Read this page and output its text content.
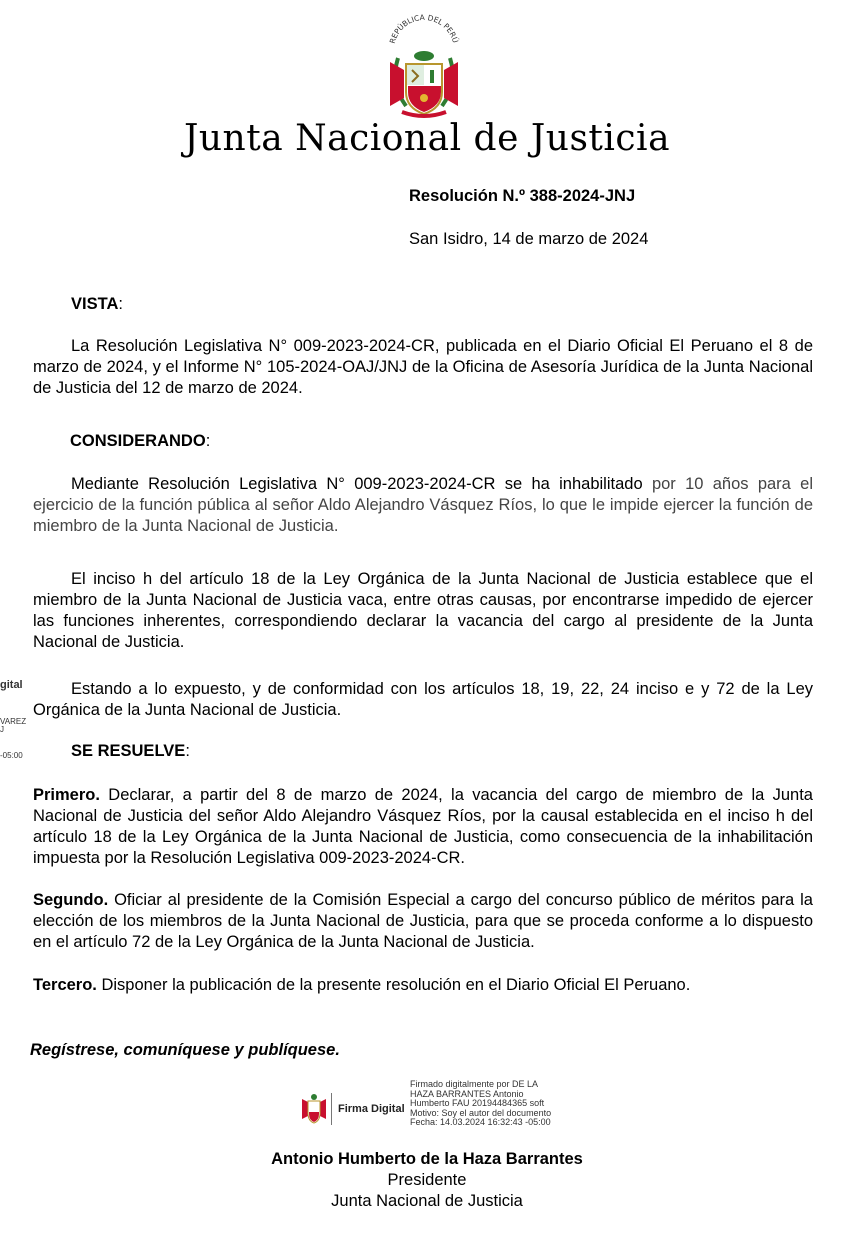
REPÚBLICA DEL PERÚ
Junta Nacional de Justicia
Resolución N.º 388-2024-JNJ
San Isidro, 14 de marzo de 2024
VISTA:
La Resolución Legislativa N° 009-2023-2024-CR, publicada en el Diario Oficial El Peruano el 8 de marzo de 2024, y el Informe N° 105-2024-OAJ/JNJ de la Oficina de Asesoría Jurídica de la Junta Nacional de Justicia del 12 de marzo de 2024.
CONSIDERANDO:
Mediante Resolución Legislativa N° 009-2023-2024-CR se ha inhabilitado por 10 años para el ejercicio de la función pública al señor Aldo Alejandro Vásquez Ríos, lo que le impide ejercer la función de miembro de la Junta Nacional de Justicia.
El inciso h del artículo 18 de la Ley Orgánica de la Junta Nacional de Justicia establece que el miembro de la Junta Nacional de Justicia vaca, entre otras causas, por encontrarse impedido de ejercer las funciones inherentes, correspondiendo declarar la vacancia del cargo al presidente de la Junta Nacional de Justicia.
Estando a lo expuesto, y de conformidad con los artículos 18, 19, 22, 24 inciso e y 72 de la Ley Orgánica de la Junta Nacional de Justicia.
gital
VAREZ
J
-05:00	SE RESUELVE:
Primero. Declarar, a partir del 8 de marzo de 2024, la vacancia del cargo de miembro de la Junta Nacional de Justicia del señor Aldo Alejandro Vásquez Ríos, por la causal establecida en el inciso h del artículo 18 de la Ley Orgánica de la Junta Nacional de Justicia, como consecuencia de la inhabilitación impuesta por la Resolución Legislativa 009-2023-2024-CR.
Segundo. Oficiar al presidente de la Comisión Especial a cargo del concurso público de méritos para la elección de los miembros de la Junta Nacional de Justicia, para que se proceda conforme a lo dispuesto en el artículo 72 de la Ley Orgánica de la Junta Nacional de Justicia.
Tercero. Disponer la publicación de la presente resolución en el Diario Oficial El Peruano.
Regístrese, comuníquese y publíquese.
Firma Digital
Firmado digitalmente por DE LA
HAZA BARRANTES Antonio
Humberto FAU 20194484365 soft
Motivo: Soy el autor del documento
Fecha: 14.03.2024 16:32:43 -05:00
Antonio Humberto de la Haza Barrantes
Presidente
Junta Nacional de Justicia
